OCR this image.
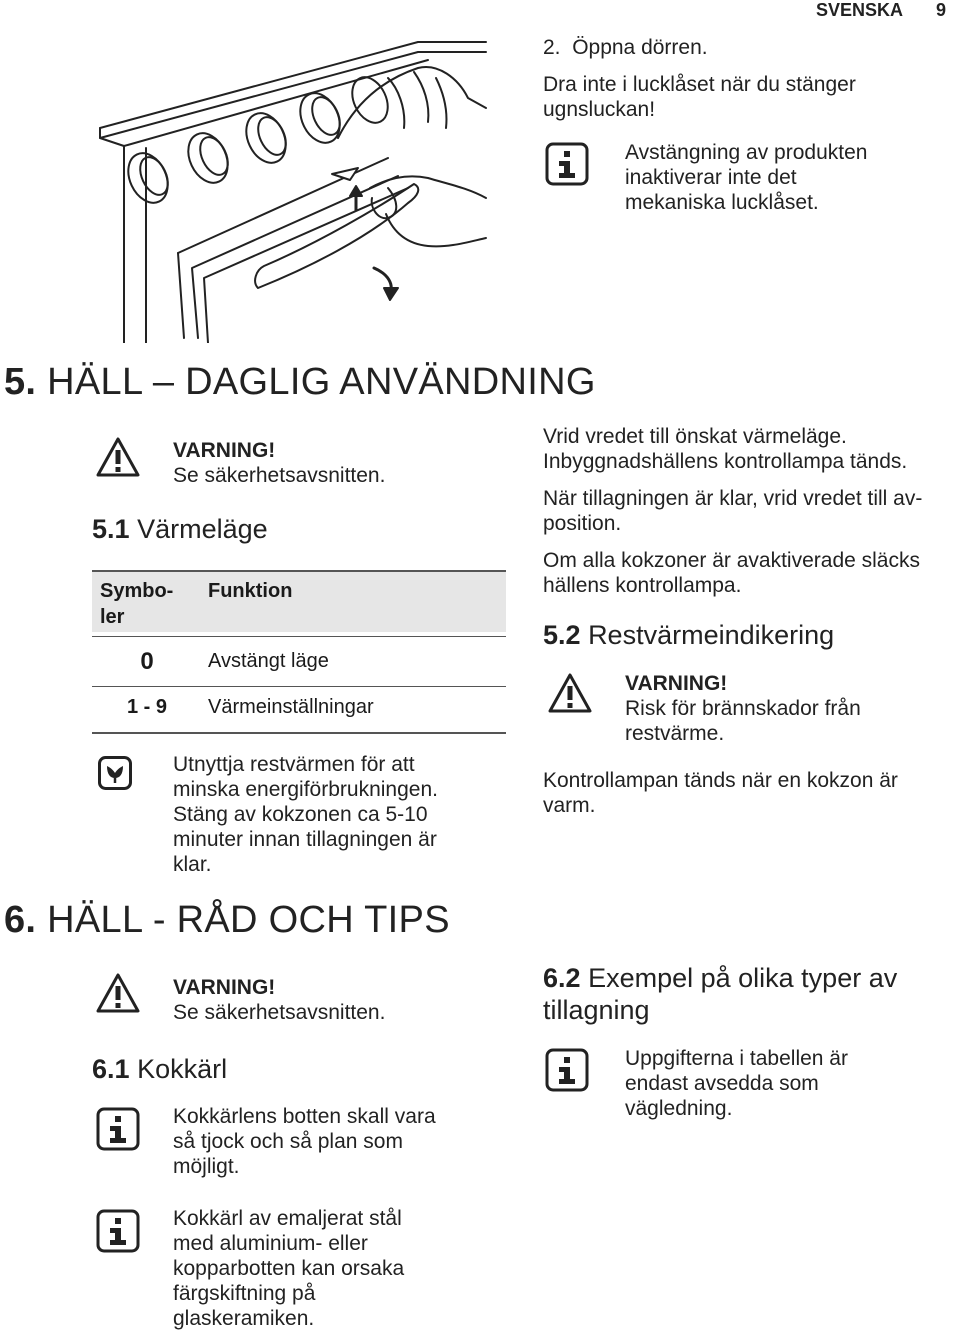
SVENSKA 9
2. Öppna dörren.
Dra inte i lucklåset när du stänger
ugnsluckan!
Avstängning av produkten
inaktiverar inte det
mekaniska lucklåset.
5. HÄLL – DAGLIG ANVÄNDNING
VARNING!
Se säkerhetsavsnitten.
5.1 Värmeläge
Symbo-
ler
Funktion
0	Avstängt läge
1 - 9	Värmeinställningar
Utnyttja restvärmen för att
minska energiförbrukningen.
Stäng av kokzonen ca 5-10
minuter innan tillagningen är
klar.
Vrid vredet till önskat värmeläge.
Inbyggnadshällens kontrollampa tänds.
När tillagningen är klar, vrid vredet till av-
position.
Om alla kokzoner är avaktiverade släcks
hällens kontrollampa.
5.2 Restvärmeindikering
VARNING!
Risk för brännskador från
restvärme.
Kontrollampan tänds när en kokzon är
varm.
6. HÄLL - RÅD OCH TIPS
VARNING!
Se säkerhetsavsnitten.
6.1 Kokkärl
Kokkärlens botten skall vara
så tjock och så plan som
möjligt.
Kokkärl av emaljerat stål
med aluminium- eller
kopparbotten kan orsaka
färgskiftning på
glaskeramiken.
6.2 Exempel på olika typer av
tillagning
Uppgifterna i tabellen är
endast avsedda som
vägledning.
